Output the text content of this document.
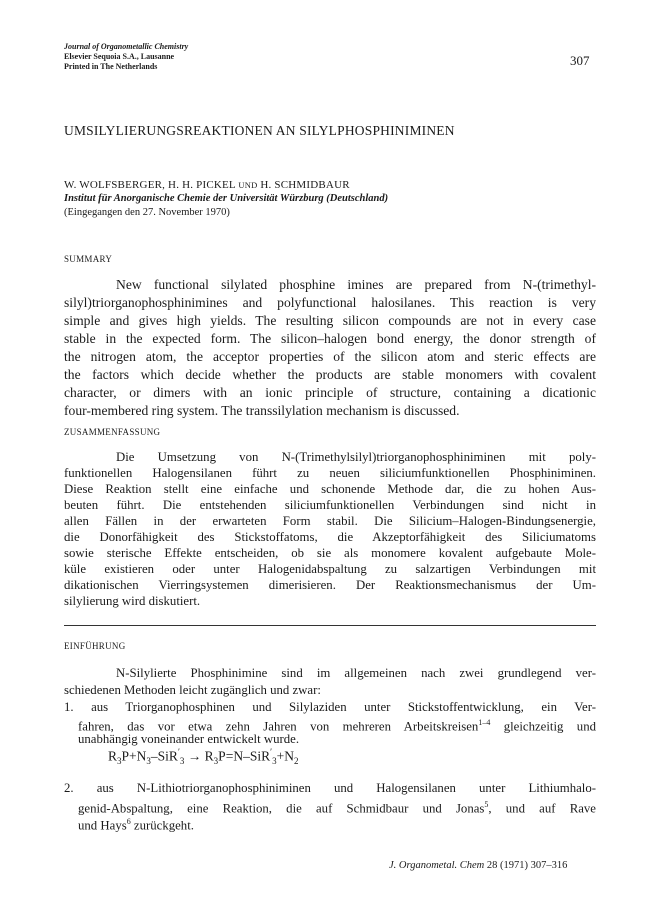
Journal of Organometallic Chemistry
Elsevier Sequoia S.A., Lausanne
Printed in The Netherlands	307
UMSILYLIERUNGSREAKTIONEN AN SILYLPHOSPHINIMINEN
W. WOLFSBERGER, H. H. PICKEL UND H. SCHMIDBAUR
Institut für Anorganische Chemie der Universität Würzburg (Deutschland)
(Eingegangen den 27. November 1970)
SUMMARY
New functional silylated phosphine imines are prepared from N-(trimethyl-
silyl)triorganophosphinimines and polyfunctional halosilanes. This reaction is very
simple and gives high yields. The resulting silicon compounds are not in every case
stable in the expected form. The silicon–halogen bond energy, the donor strength of
the nitrogen atom, the acceptor properties of the silicon atom and steric effects are
the factors which decide whether the products are stable monomers with covalent
character, or dimers with an ionic principle of structure, containing a dicationic
four-membered ring system. The transsilylation mechanism is discussed.
ZUSAMMENFASSUNG
Die Umsetzung von N-(Trimethylsilyl)triorganophosphiniminen mit poly-
funktionellen Halogensilanen führt zu neuen siliciumfunktionellen Phosphiniminen.
Diese Reaktion stellt eine einfache und schonende Methode dar, die zu hohen Aus-
beuten führt. Die entstehenden siliciumfunktionellen Verbindungen sind nicht in
allen Fällen in der erwarteten Form stabil. Die Silicium–Halogen-Bindungsenergie,
die Donorfähigkeit des Stickstoffatoms, die Akzeptorfähigkeit des Siliciumatoms
sowie sterische Effekte entscheiden, ob sie als monomere kovalent aufgebaute Mole-
küle existieren oder unter Halogenidabspaltung zu salzartigen Verbindungen mit
dikationischen Vierringsystemen dimerisieren. Der Reaktionsmechanismus der Um-
silylierung wird diskutiert.
EINFÜHRUNG
N-Silylierte Phosphinimine sind im allgemeinen nach zwei grundlegend ver-
schiedenen Methoden leicht zugänglich und zwar:
1. aus Triorganophosphinen und Silylaziden unter Stickstoffentwicklung, ein Ver-
fahren, das vor etwa zehn Jahren von mehreren Arbeitskreisen$^{1-4}$ gleichzeitig und
unabhängig voneinander entwickelt wurde.
$R_3P+N_3-SiR'_3 \to R_3P=N-SiR'_3+N_2$
2. aus N-Lithiotriorganophosphiniminen und Halogensilanen unter Lithiumhalo-
genid-Abspaltung, eine Reaktion, die auf Schmidbaur und Jonas$^5$, und auf Rave
und Hays$^6$ zurückgeht.
J. Organometal. Chem 28 (1971) 307–316
